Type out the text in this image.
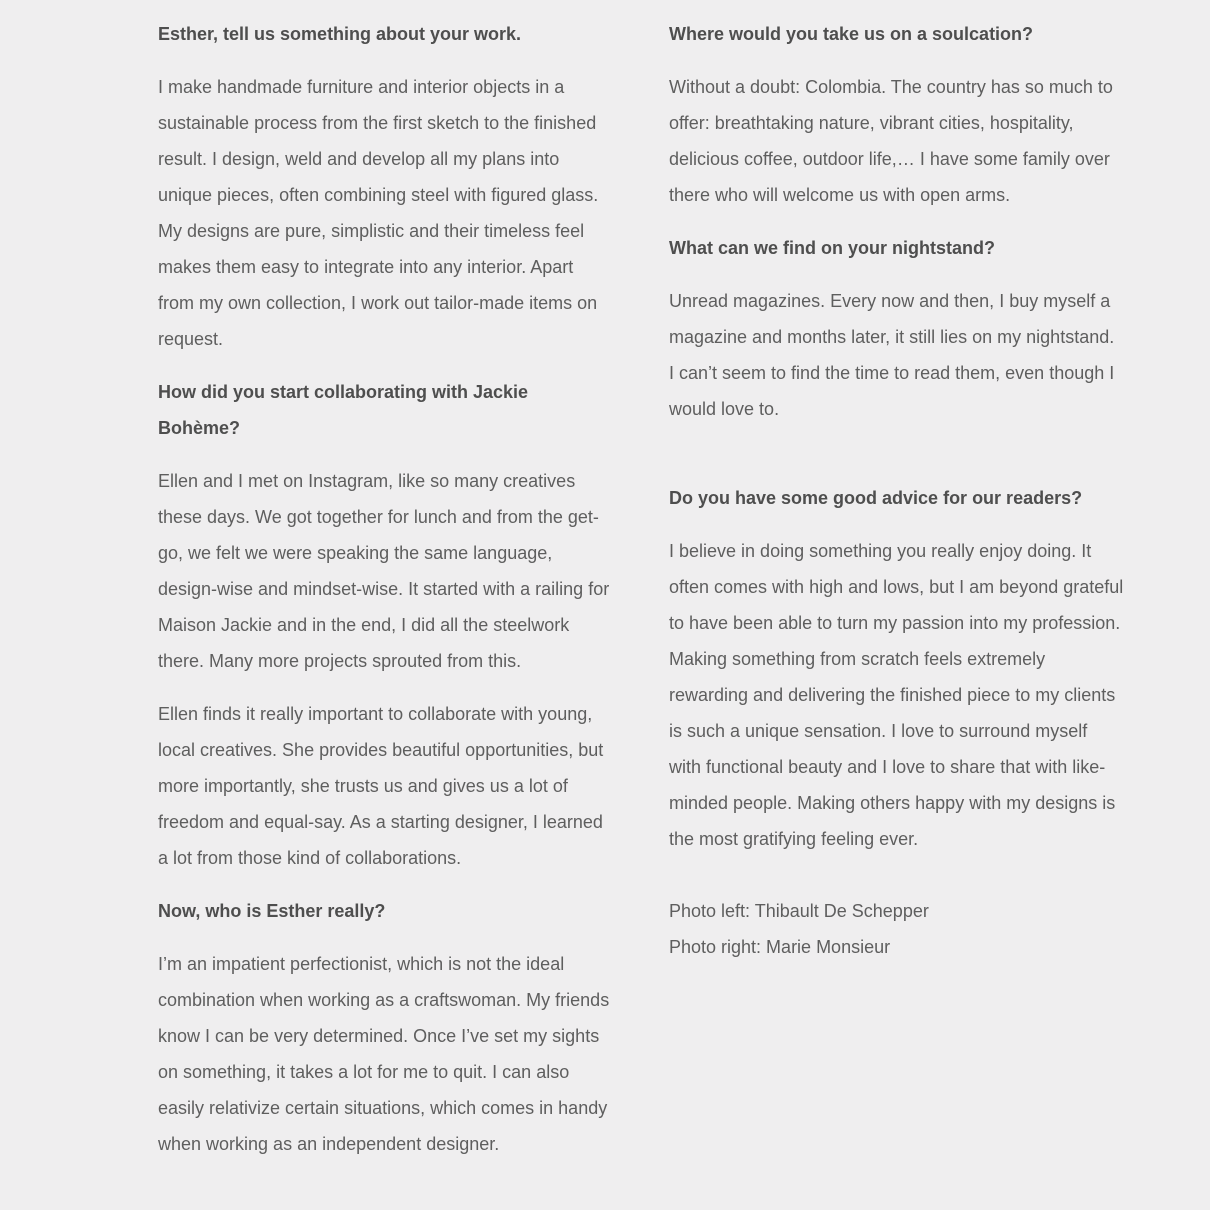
Esther, tell us something about your work.

I make handmade furniture and interior objects in a sustainable process from the first sketch to the finished result. I design, weld and develop all my plans into unique pieces, often combining steel with figured glass. My designs are pure, simplistic and their timeless feel makes them easy to integrate into any interior. Apart from my own collection, I work out tailor-made items on request.

How did you start collaborating with Jackie Bohème?

Ellen and I met on Instagram, like so many creatives these days. We got together for lunch and from the get-go, we felt we were speaking the same language, design-wise and mindset-wise. It started with a railing for Maison Jackie and in the end, I did all the steelwork there. Many more projects sprouted from this.

Ellen finds it really important to collaborate with young, local creatives. She provides beautiful opportunities, but more importantly, she trusts us and gives us a lot of freedom and equal-say. As a starting designer, I learned a lot from those kind of collaborations.

Now, who is Esther really?

I’m an impatient perfectionist, which is not the ideal combination when working as a craftswoman. My friends know I can be very determined. Once I’ve set my sights on something, it takes a lot for me to quit. I can also easily relativize certain situations, which comes in handy when working as an independent designer.

Where would you take us on a soulcation?

Without a doubt: Colombia. The country has so much to offer: breathtaking nature, vibrant cities, hospitality, delicious coffee, outdoor life,… I have some family over there who will welcome us with open arms.

What can we find on your nightstand?

Unread magazines. Every now and then, I buy myself a magazine and months later, it still lies on my nightstand. I can’t seem to find the time to read them, even though I would love to.

Do you have some good advice for our readers?

I believe in doing something you really enjoy doing. It often comes with high and lows, but I am beyond grateful to have been able to turn my passion into my profession. Making something from scratch feels extremely rewarding and delivering the finished piece to my clients is such a unique sensation. I love to surround myself with functional beauty and I love to share that with like-minded people. Making others happy with my designs is the most gratifying feeling ever.

Photo left: Thibault De Schepper
Photo right: Marie Monsieur
